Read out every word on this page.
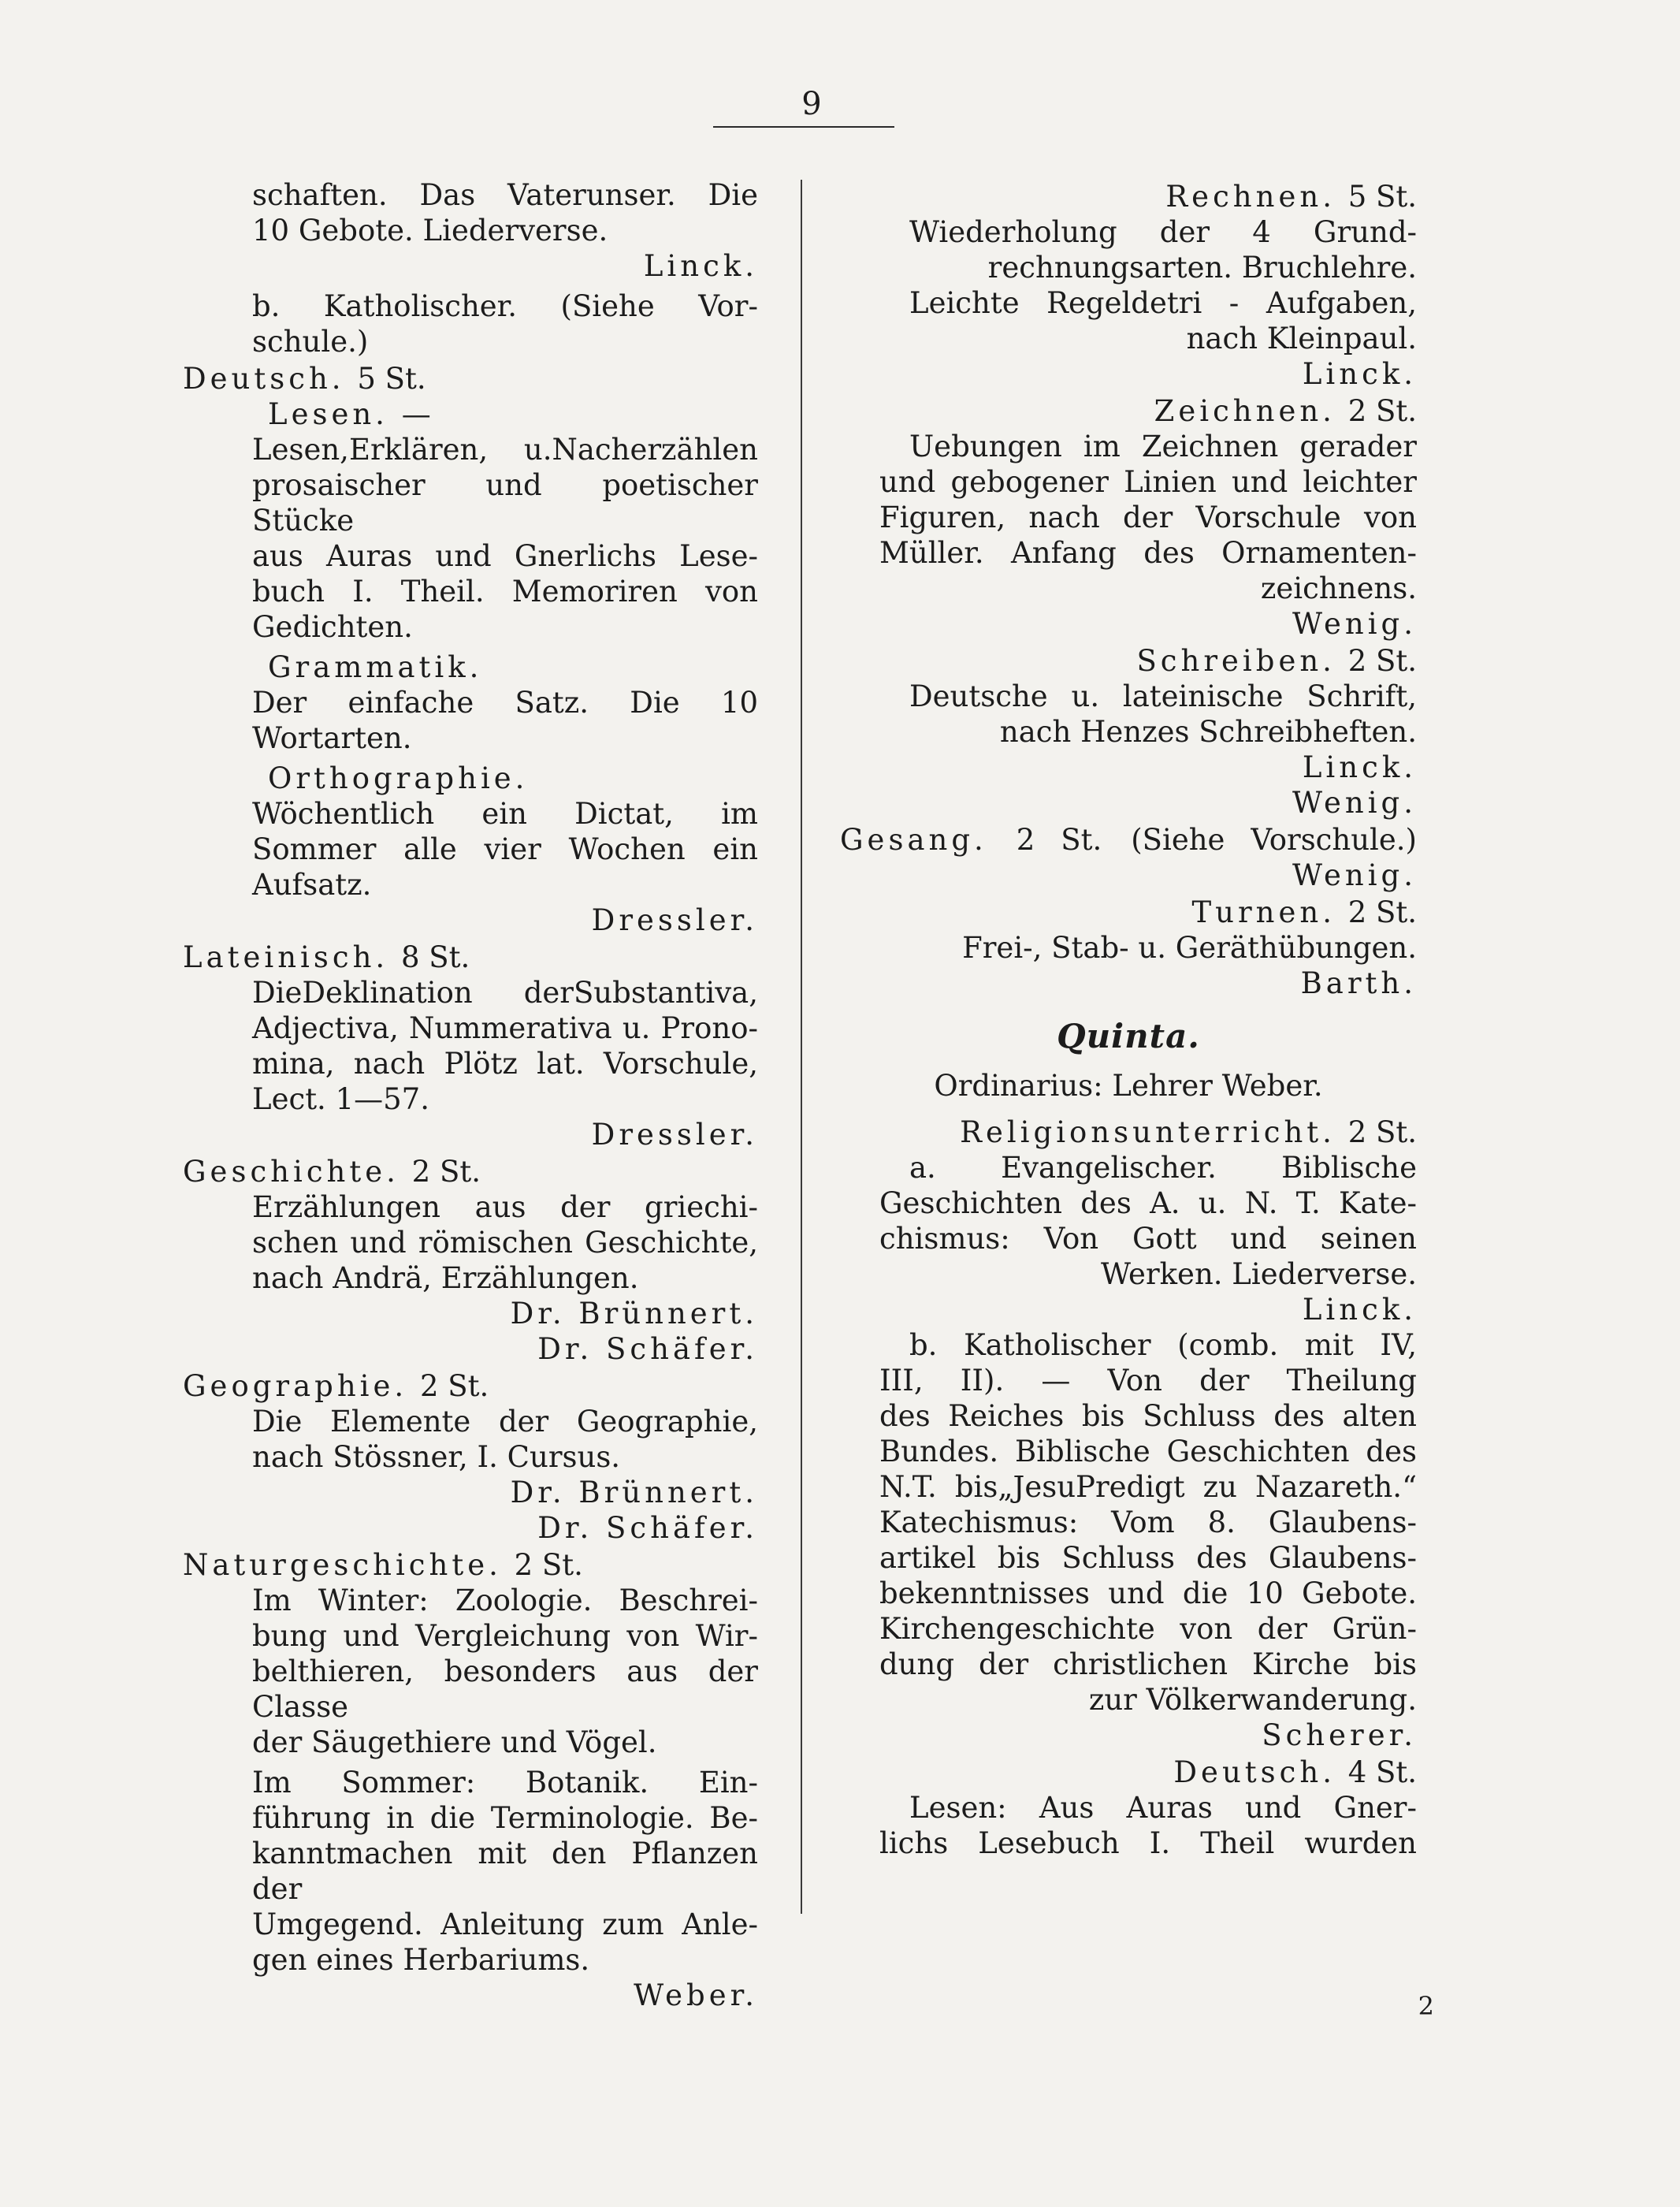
9
schaften. Das Vaterunser. Die
10 Gebote. Liederverse.
Linck.
b. Katholischer. (Siehe Vor-
schule.)
Deutsch. 5 St.
Lesen. —
Lesen,Erklären, u.Nacherzählen
prosaischer und poetischer Stücke
aus Auras und Gnerlichs Lese-
buch I. Theil. Memoriren von
Gedichten.
Grammatik.
Der einfache Satz. Die 10
Wortarten.
Orthographie.
Wöchentlich ein Dictat, im
Sommer alle vier Wochen ein
Aufsatz.
Dressler.
Lateinisch. 8 St.
DieDeklination derSubstantiva,
Adjectiva, Nummerativa u. Prono-
mina, nach Plötz lat. Vorschule,
Lect. 1—57.
Dressler.
Geschichte. 2 St.
Erzählungen aus der griechi-
schen und römischen Geschichte,
nach Andrä, Erzählungen.
Dr. Brünnert.
Dr. Schäfer.
Geographie. 2 St.
Die Elemente der Geographie,
nach Stössner, I. Cursus.
Dr. Brünnert.
Dr. Schäfer.
Naturgeschichte. 2 St.
Im Winter: Zoologie. Beschrei-
bung und Vergleichung von Wir-
belthieren, besonders aus der Classe
der Säugethiere und Vögel.
Im Sommer: Botanik. Ein-
führung in die Terminologie. Be-
kanntmachen mit den Pflanzen der
Umgegend. Anleitung zum Anle-
gen eines Herbariums.
Weber.
Rechnen. 5 St.
Wiederholung der 4 Grund-
rechnungsarten. Bruchlehre.
Leichte Regeldetri - Aufgaben,
nach Kleinpaul.
Linck.
Zeichnen. 2 St.
Uebungen im Zeichnen gerader
und gebogener Linien und leichter
Figuren, nach der Vorschule von
Müller. Anfang des Ornamenten-
zeichnens.
Wenig.
Schreiben. 2 St.
Deutsche u. lateinische Schrift,
nach Henzes Schreibheften.
Linck.
Wenig.
Gesang. 2 St. (Siehe Vorschule.)
Wenig.
Turnen. 2 St.
Frei-, Stab- u. Geräthübungen.
Barth.
Quinta.
Ordinarius: Lehrer Weber.
Religionsunterricht. 2 St.
a. Evangelischer. Biblische
Geschichten des A. u. N. T. Kate-
chismus: Von Gott und seinen
Werken. Liederverse.
Linck.
b. Katholischer (comb. mit IV,
III, II). — Von der Theilung
des Reiches bis Schluss des alten
Bundes. Biblische Geschichten des
N.T. bis„JesuPredigt zu Nazareth.“
Katechismus: Vom 8. Glaubens-
artikel bis Schluss des Glaubens-
bekenntnisses und die 10 Gebote.
Kirchengeschichte von der Grün-
dung der christlichen Kirche bis
zur Völkerwanderung.
Scherer.
Deutsch. 4 St.
Lesen: Aus Auras und Gner-
lichs Lesebuch I. Theil wurden
2
